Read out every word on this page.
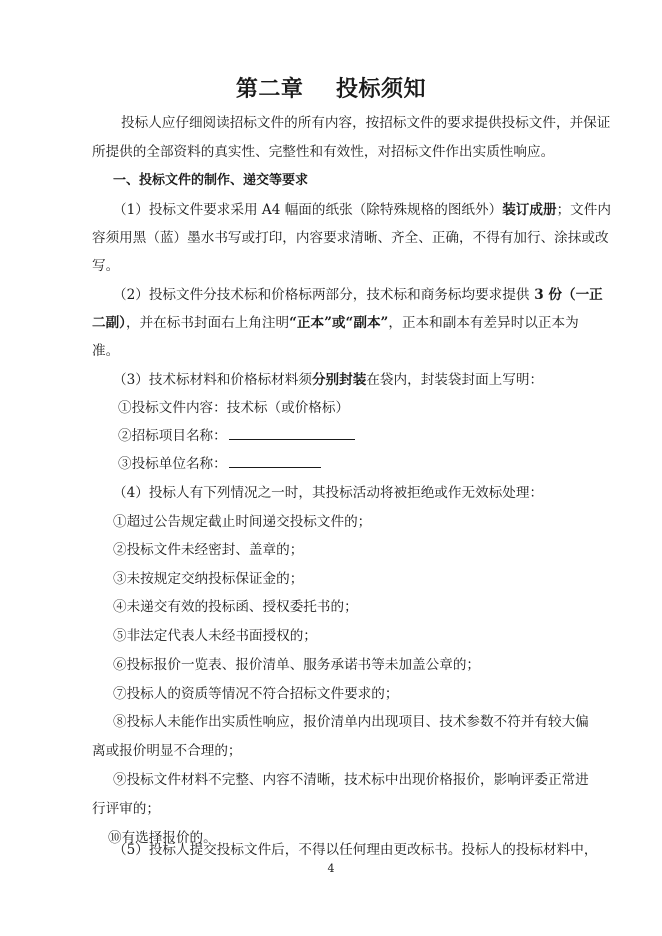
第二章    投标须知
投标人应仔细阅读招标文件的所有内容，按招标文件的要求提供投标文件，并保证
所提供的全部资料的真实性、完整性和有效性，对招标文件作出实质性响应。
一、投标文件的制作、递交等要求
（1）投标文件要求采用 A4 幅面的纸张（除特殊规格的图纸外）装订成册；文件内
容须用黑（蓝）墨水书写或打印，内容要求清晰、齐全、正确，不得有加行、涂抹或改
写。
（2）投标文件分技术标和价格标两部分，技术标和商务标均要求提供 3 份（一正
二副），并在标书封面右上角注明“正本”或“副本”，正本和副本有差异时以正本为
准。
（3）技术标材料和价格标材料须分别封装在袋内，封装袋封面上写明：
①投标文件内容：技术标（或价格标）
②招标项目名称：
③投标单位名称：
（4）投标人有下列情况之一时，其投标活动将被拒绝或作无效标处理：
①超过公告规定截止时间递交投标文件的；
②投标文件未经密封、盖章的；
③未按规定交纳投标保证金的；
④未递交有效的投标函、授权委托书的；
⑤非法定代表人未经书面授权的；
⑥投标报价一览表、报价清单、服务承诺书等未加盖公章的；
⑦投标人的资质等情况不符合招标文件要求的；
⑧投标人未能作出实质性响应，报价清单内出现项目、技术参数不符并有较大偏
离或报价明显不合理的；
⑨投标文件材料不完整、内容不清晰，技术标中出现价格报价，影响评委正常进
行评审的；
⑩有选择报价的。
4
（5）投标人提交投标文件后，不得以任何理由更改标书。投标人的投标材料中，
